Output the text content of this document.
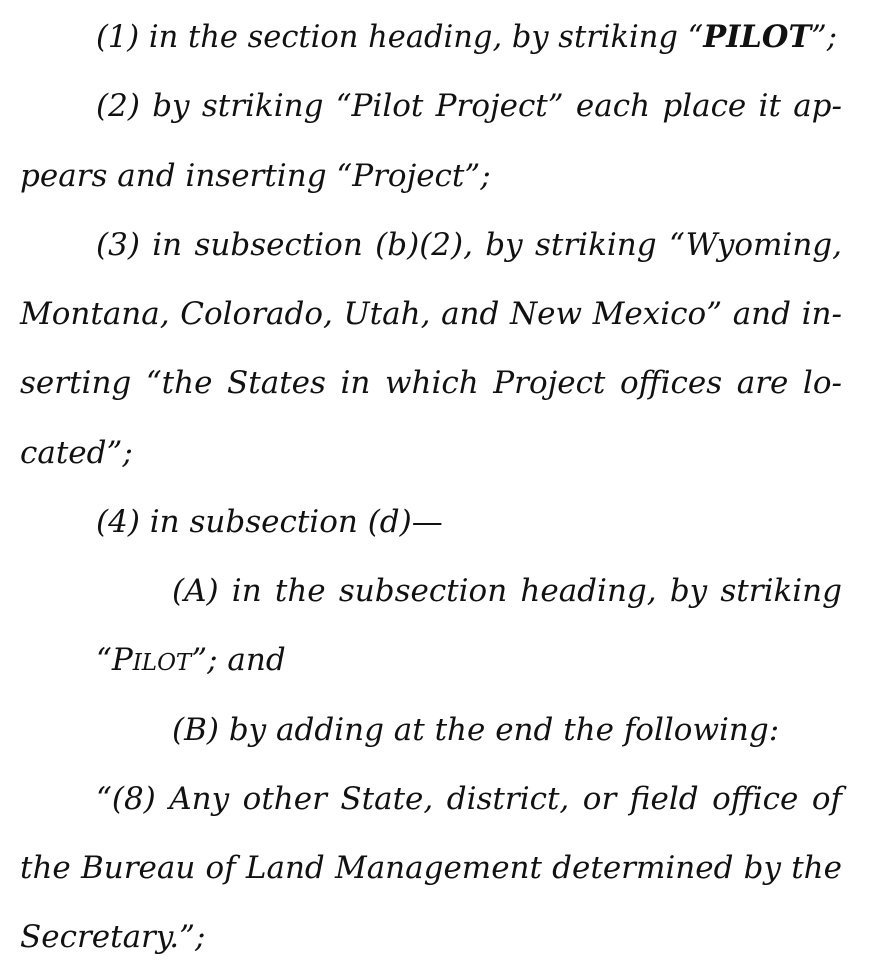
(1) in the section heading, by striking “PILOT”;
(2) by striking “Pilot Project” each place it ap-
pears and inserting “Project”;
(3) in subsection (b)(2), by striking “Wyoming,
Montana, Colorado, Utah, and New Mexico” and in-
serting “the States in which Project offices are lo-
cated”;
(4) in subsection (d)—
(A) in the subsection heading, by striking
“PILOT”; and
(B) by adding at the end the following:
“(8) Any other State, district, or field office of
the Bureau of Land Management determined by the
Secretary.”;
